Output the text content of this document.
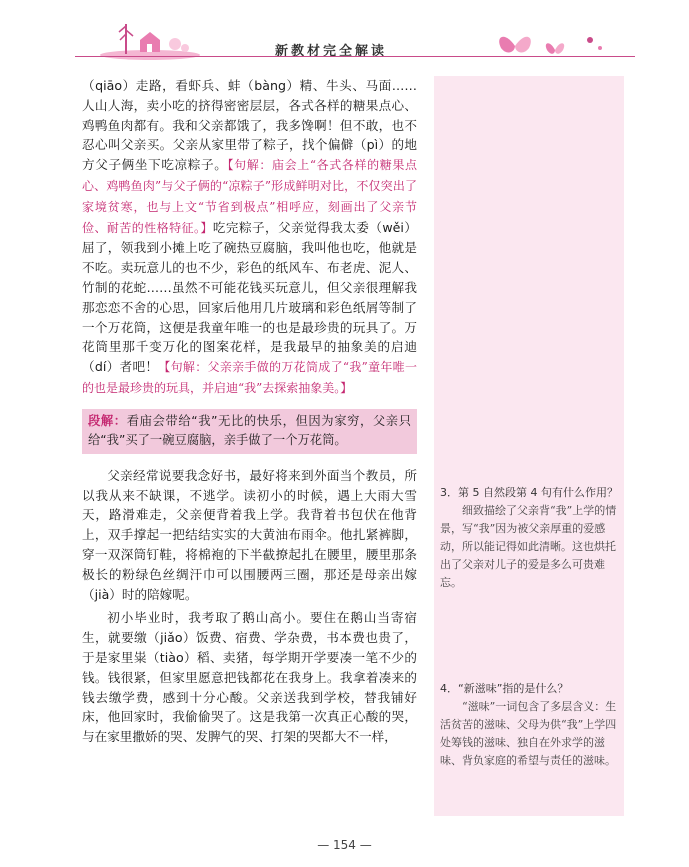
新教材完全解读

（qiāo）走路，看虾兵、蚌（bàng）精、牛头、马面……人山人海，卖小吃的挤得密密层层，各式各样的糖果点心、鸡鸭鱼肉都有。我和父亲都饿了，我多馋啊！但不敢，也不忍心叫父亲买。父亲从家里带了粽子，找个偏僻（pì）的地方父子俩坐下吃凉粽子。【句解：庙会上“各式各样的糖果点心、鸡鸭鱼肉”与父子俩的“凉粽子”形成鲜明对比，不仅突出了家境贫寒，也与上文“节省到极点”相呼应，刻画出了父亲节俭、耐苦的性格特征。】吃完粽子，父亲觉得我太委（wěi）屈了，领我到小摊上吃了碗热豆腐脑，我叫他也吃，他就是不吃。卖玩意儿的也不少，彩色的纸风车、布老虎、泥人、竹制的花蛇……虽然不可能花钱买玩意儿，但父亲很理解我那恋恋不舍的心思，回家后他用几片玻璃和彩色纸屑等制了一个万花筒，这便是我童年唯一的也是最珍贵的玩具了。万花筒里那千变万化的图案花样，是我最早的抽象美的启迪（dí）者吧！【句解：父亲亲手做的万花筒成了“我”童年唯一的也是最珍贵的玩具，并启迪“我”去探索抽象美。】

段解：看庙会带给“我”无比的快乐，但因为家穷，父亲只给“我”买了一碗豆腐脑，亲手做了一个万花筒。

父亲经常说要我念好书，最好将来到外面当个教员，所以我从来不缺课，不逃学。读初小的时候，遇上大雨大雪天，路滑难走，父亲便背着我上学。我背着书包伏在他背上，双手撑起一把结结实实的大黄油布雨伞。他扎紧裤脚，穿一双深筒钉鞋，将棉袍的下半截撩起扎在腰里，腰里那条极长的粉绿色丝绸汗巾可以围腰两三圈，那还是母亲出嫁（jià）时的陪嫁呢。

初小毕业时，我考取了鹅山高小。要住在鹅山当寄宿生，就要缴（jiǎo）饭费、宿费、学杂费，书本费也贵了，于是家里粜（tiào）稻、卖猪，每学期开学要凑一笔不少的钱。钱很紧，但家里愿意把钱都花在我身上。我拿着凑来的钱去缴学费，感到十分心酸。父亲送我到学校，替我铺好床，他回家时，我偷偷哭了。这是我第一次真正心酸的哭，与在家里撒娇的哭、发脾气的哭、打架的哭都大不一样，

3．第 5 自然段第 4 句有什么作用？
细致描绘了父亲背“我”上学的情景，写“我”因为被父亲厚重的爱感动，所以能记得如此清晰。这也烘托出了父亲对儿子的爱是多么可贵难忘。
4．“新滋味”指的是什么？
“滋味”一词包含了多层含义：生活贫苦的滋味、父母为供“我”上学四处筹钱的滋味、独自在外求学的滋味、背负家庭的希望与责任的滋味。
— 154 —
